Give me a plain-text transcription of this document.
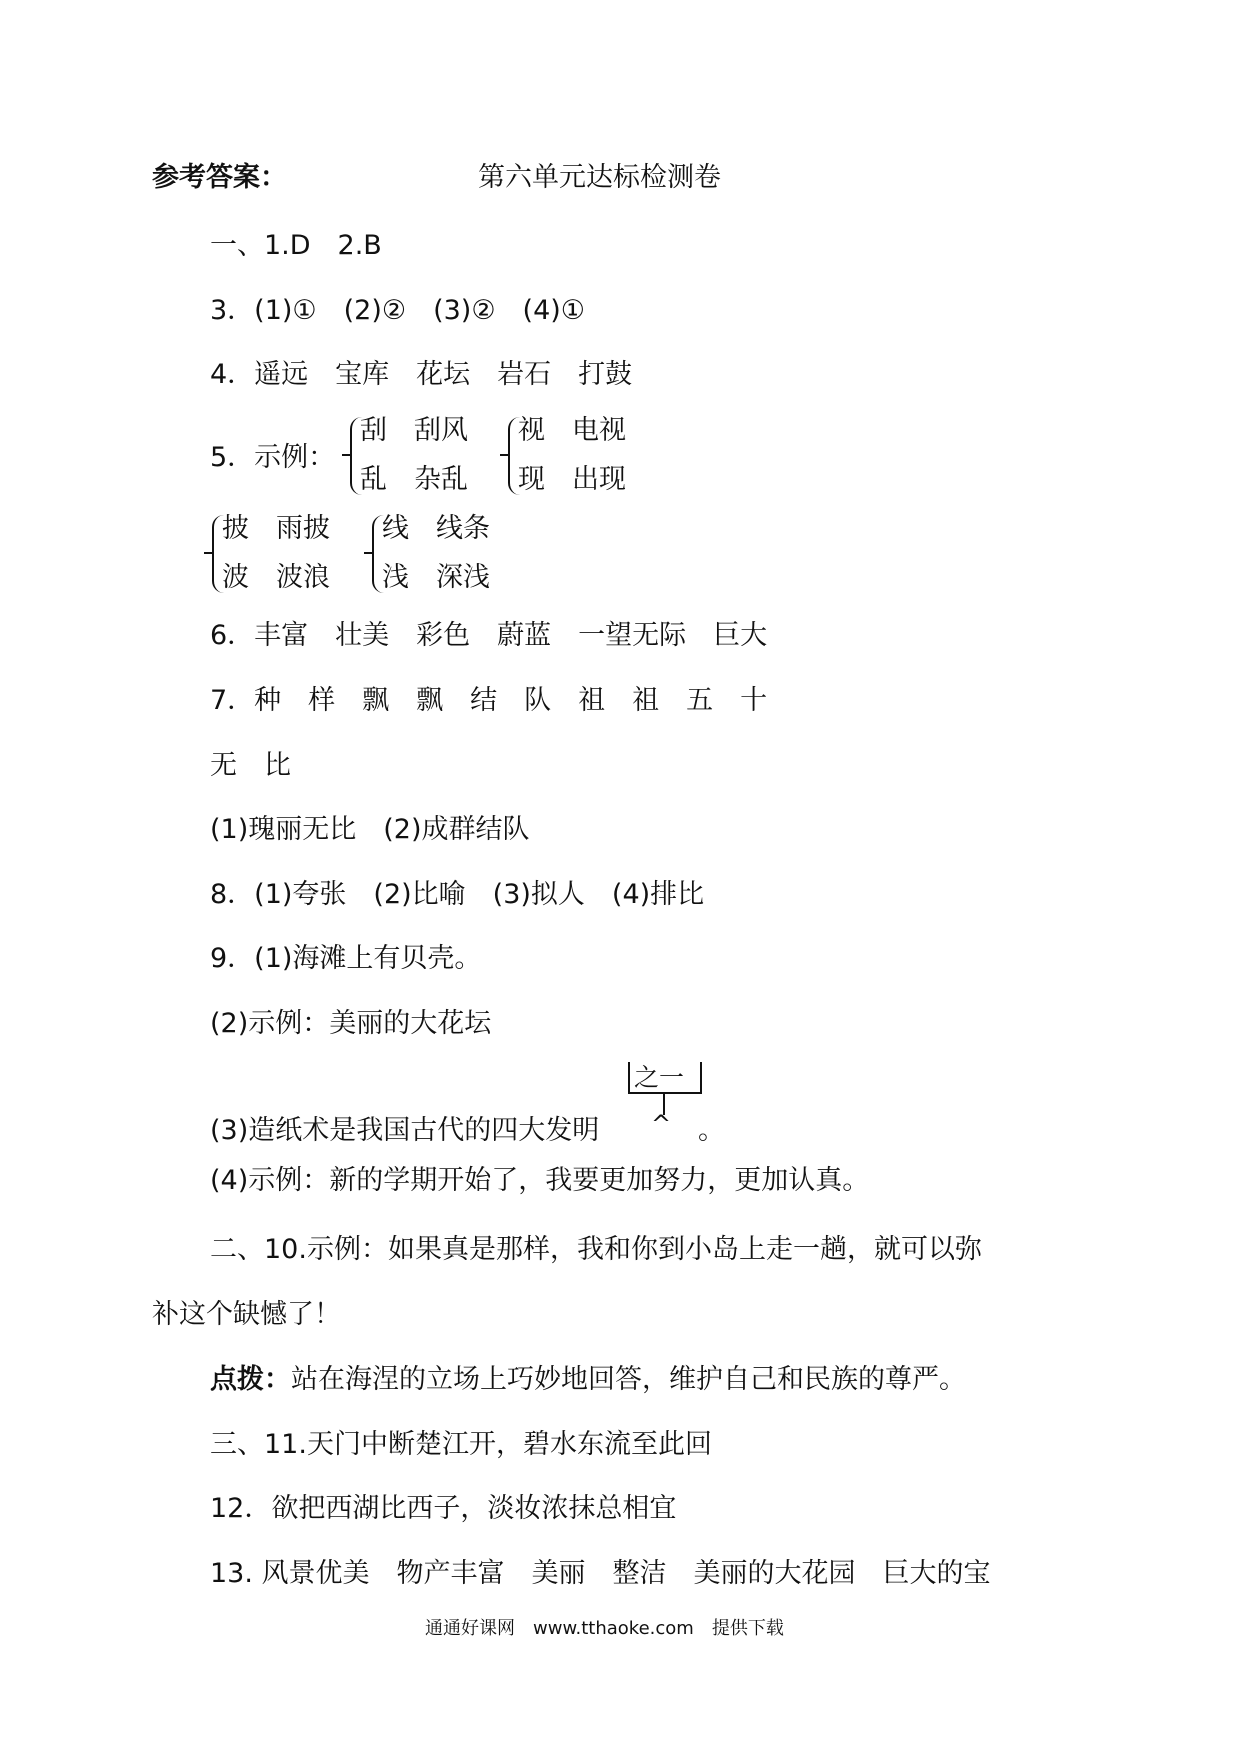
参考答案：	第六单元达标检测卷
一、1.D　2.B
3．(1)①　(2)②　(3)②　(4)①
4．遥远　宝库　花坛　岩石　打鼓
5．示例：
刮　刮风
乱　杂乱
视　电视
现　出现
披　雨披
波　波浪
线　线条
浅　深浅
6．丰富　壮美　彩色　蔚蓝　一望无际　巨大
7．种　样　飘　飘　结　队　祖　祖　五　十
无　比
(1)瑰丽无比　(2)成群结队
8．(1)夸张　(2)比喻　(3)拟人　(4)排比
9．(1)海滩上有贝壳。
(2)示例：美丽的大花坛
(3)造纸术是我国古代的四大发明
之一
^ 。
(4)示例：新的学期开始了，我要更加努力，更加认真。
二、10.示例：如果真是那样，我和你到小岛上走一趟，就可以弥
补这个缺憾了！
点拨：站在海涅的立场上巧妙地回答，维护自己和民族的尊严。
三、11.天门中断楚江开，碧水东流至此回
12．欲把西湖比西子，淡妆浓抹总相宜
13. 风景优美　物产丰富　美丽　整洁　美丽的大花园　巨大的宝
通通好课网　www.tthaoke.com　提供下载
